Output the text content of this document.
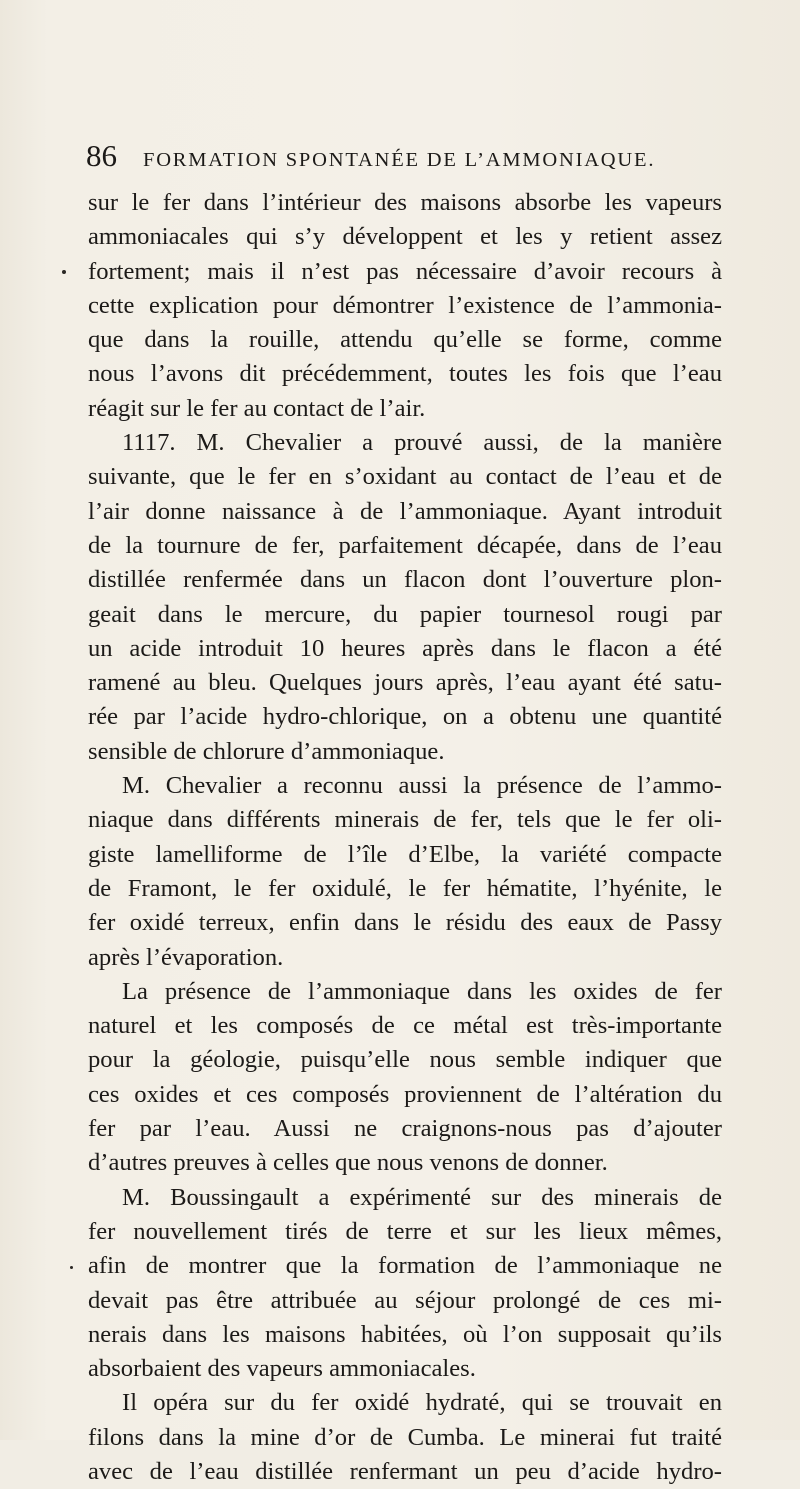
86 FORMATION SPONTANÉE DE L’AMMONIAQUE.
sur le fer dans l’intérieur des maisons absorbe les vapeurs
ammoniacales qui s’y développent et les y retient assez
fortement; mais il n’est pas nécessaire d’avoir recours à
cette explication pour démontrer l’existence de l’ammonia-
que dans la rouille, attendu qu’elle se forme, comme
nous l’avons dit précédemment, toutes les fois que l’eau
réagit sur le fer au contact de l’air.
1117. M. Chevalier a prouvé aussi, de la manière
suivante, que le fer en s’oxidant au contact de l’eau et de
l’air donne naissance à de l’ammoniaque. Ayant introduit
de la tournure de fer, parfaitement décapée, dans de l’eau
distillée renfermée dans un flacon dont l’ouverture plon-
geait dans le mercure, du papier tournesol rougi par
un acide introduit 10 heures après dans le flacon a été
ramené au bleu. Quelques jours après, l’eau ayant été satu-
rée par l’acide hydro-chlorique, on a obtenu une quantité
sensible de chlorure d’ammoniaque.
M. Chevalier a reconnu aussi la présence de l’ammo-
niaque dans différents minerais de fer, tels que le fer oli-
giste lamelliforme de l’île d’Elbe, la variété compacte
de Framont, le fer oxidulé, le fer hématite, l’hyénite, le
fer oxidé terreux, enfin dans le résidu des eaux de Passy
après l’évaporation.
La présence de l’ammoniaque dans les oxides de fer
naturel et les composés de ce métal est très-importante
pour la géologie, puisqu’elle nous semble indiquer que
ces oxides et ces composés proviennent de l’altération du
fer par l’eau. Aussi ne craignons-nous pas d’ajouter
d’autres preuves à celles que nous venons de donner.
M. Boussingault a expérimenté sur des minerais de
fer nouvellement tirés de terre et sur les lieux mêmes,
afin de montrer que la formation de l’ammoniaque ne
devait pas être attribuée au séjour prolongé de ces mi-
nerais dans les maisons habitées, où l’on supposait qu’ils
absorbaient des vapeurs ammoniacales.
Il opéra sur du fer oxidé hydraté, qui se trouvait en
filons dans la mine d’or de Cumba. Le minerai fut traité
avec de l’eau distillée renfermant un peu d’acide hydro-
